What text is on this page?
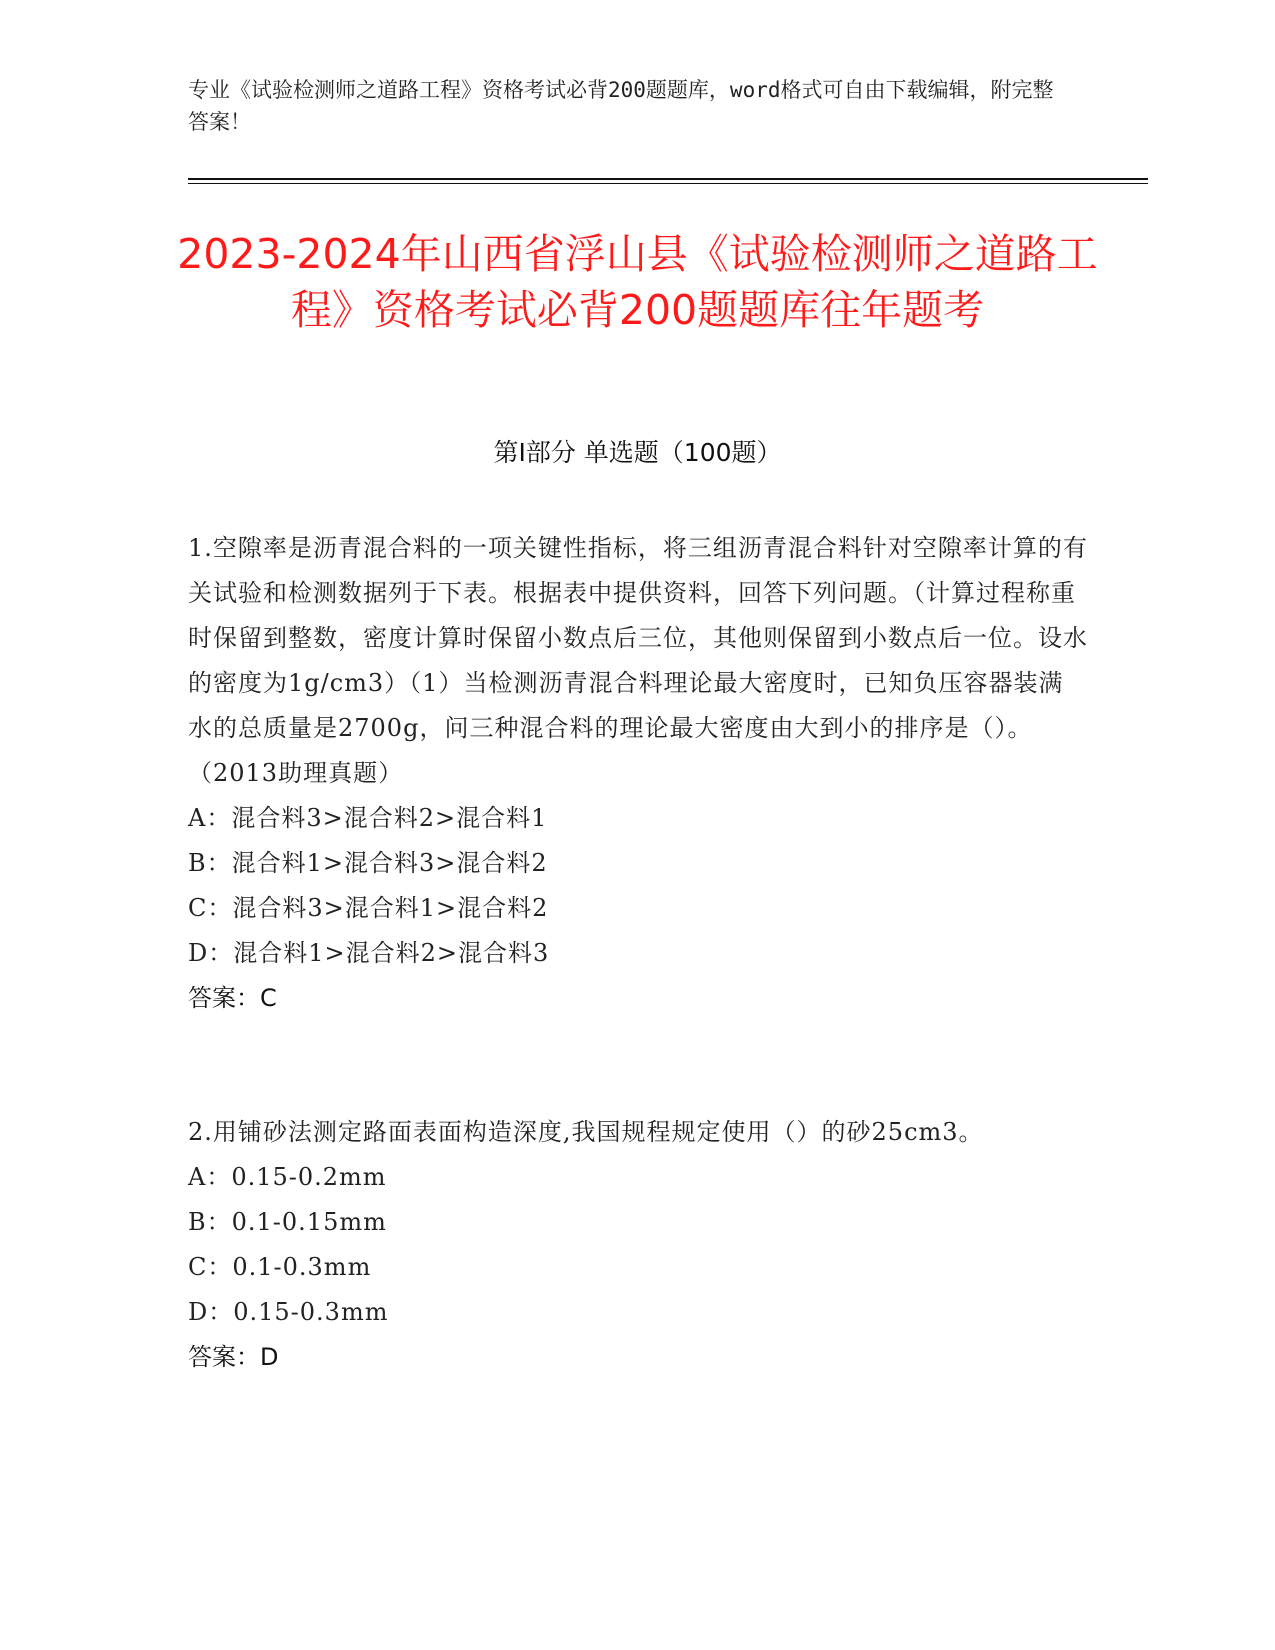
专业《试验检测师之道路工程》资格考试必背200题题库，word格式可自由下载编辑，附完整答案！
2023-2024年山西省浮山县《试验检测师之道路工程》资格考试必背200题题库往年题考
第Ⅰ部分 单选题（100题）
1.空隙率是沥青混合料的一项关键性指标，将三组沥青混合料针对空隙率计算的有关试验和检测数据列于下表。根据表中提供资料，回答下列问题。（计算过程称重时保留到整数，密度计算时保留小数点后三位，其他则保留到小数点后一位。设水的密度为1g/cm3）（1）当检测沥青混合料理论最大密度时，已知负压容器装满水的总质量是2700g，问三种混合料的理论最大密度由大到小的排序是（）。（2013助理真题）
A：混合料3>混合料2>混合料1
B：混合料1>混合料3>混合料2
C：混合料3>混合料1>混合料2
D：混合料1>混合料2>混合料3
答案：C
2.用铺砂法测定路面表面构造深度,我国规程规定使用（）的砂25cm3。
A：0.15-0.2mm
B：0.1-0.15mm
C：0.1-0.3mm
D：0.15-0.3mm
答案：D
